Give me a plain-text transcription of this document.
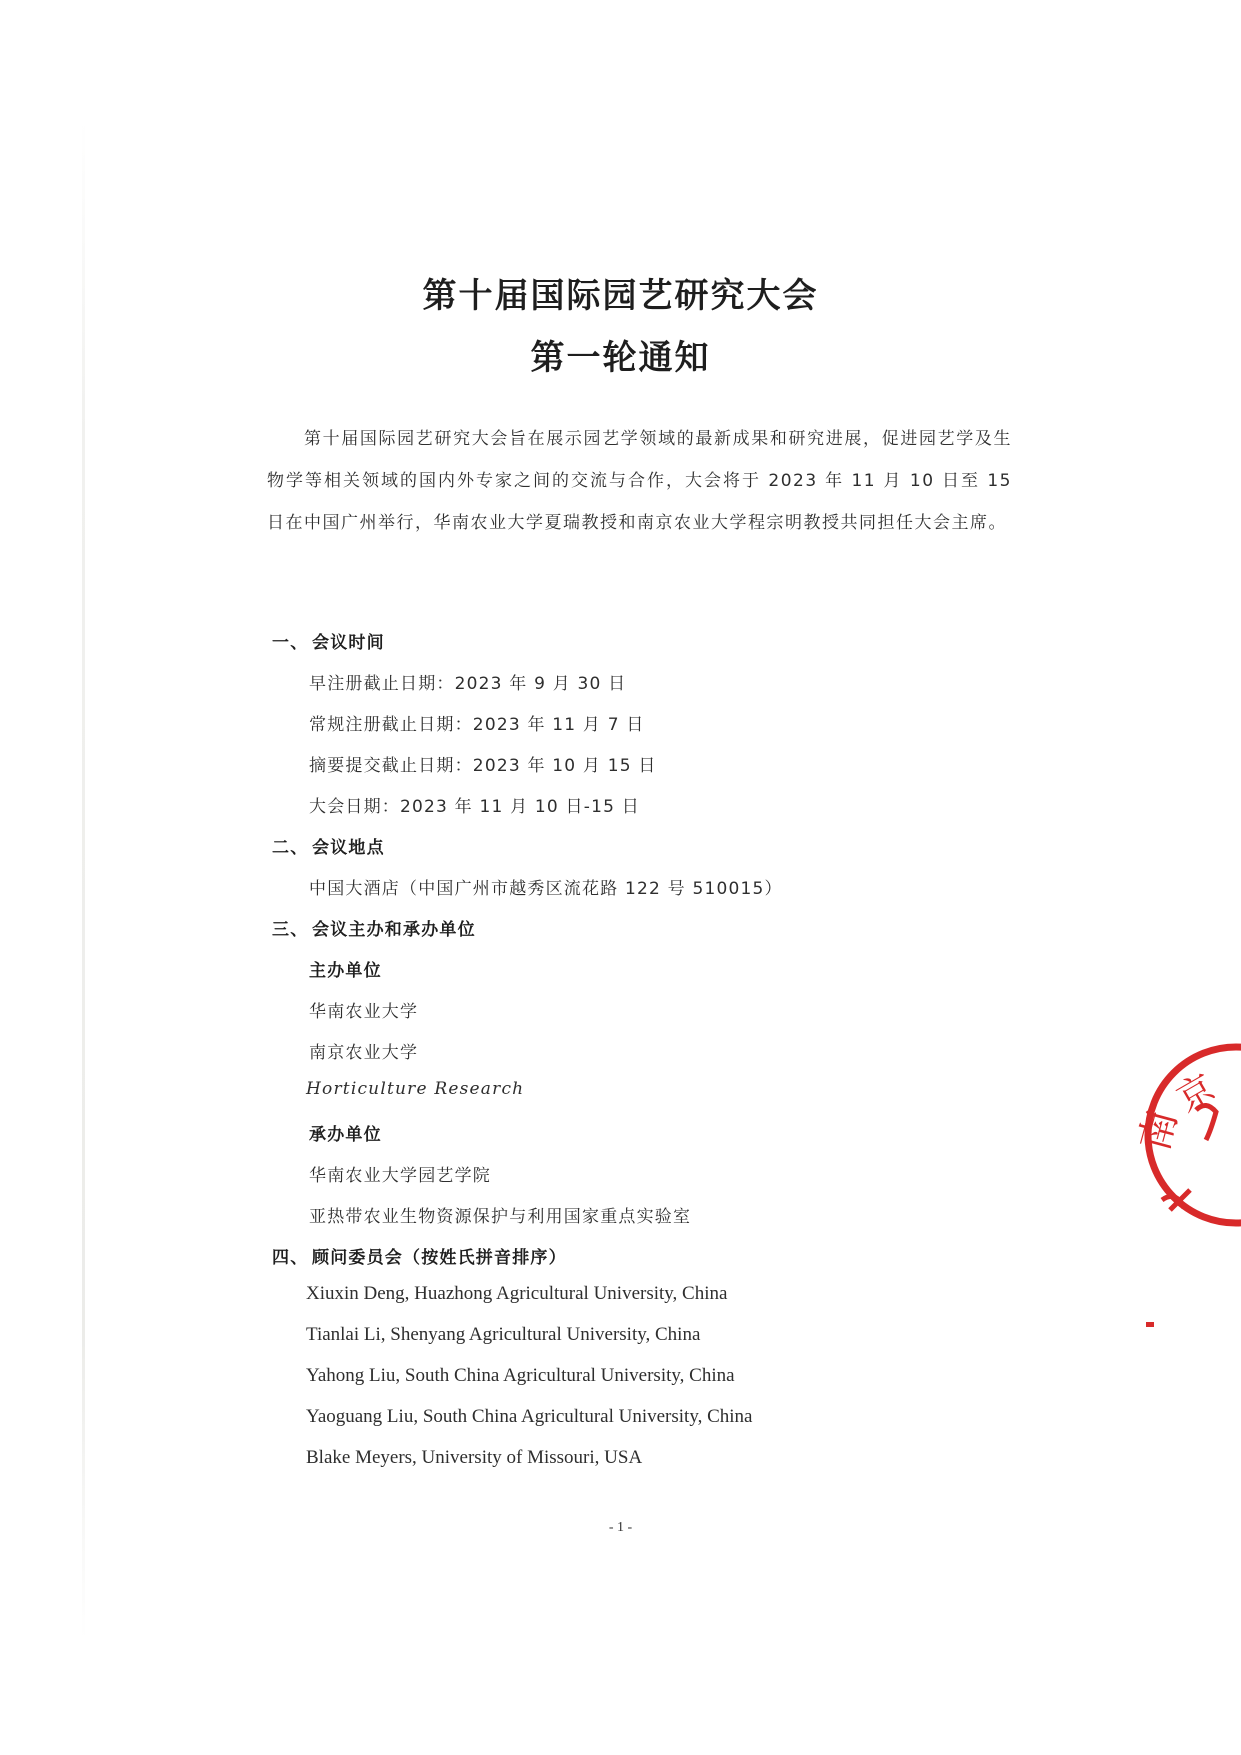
第十届国际园艺研究大会
第一轮通知
第十届国际园艺研究大会旨在展示园艺学领域的最新成果和研究进展，促进园艺学及生物学等相关领域的国内外专家之间的交流与合作，大会将于 2023 年 11 月 10 日至 15 日在中国广州举行，华南农业大学夏瑞教授和南京农业大学程宗明教授共同担任大会主席。
一、 会议时间
早注册截止日期：2023 年 9 月 30 日
常规注册截止日期：2023 年 11 月 7 日
摘要提交截止日期：2023 年 10 月 15 日
大会日期：2023 年 11 月 10 日-15 日
二、 会议地点
中国大酒店（中国广州市越秀区流花路 122 号 510015）
三、 会议主办和承办单位
主办单位
华南农业大学
南京农业大学
Horticulture Research
承办单位
华南农业大学园艺学院
亚热带农业生物资源保护与利用国家重点实验室
四、 顾问委员会（按姓氏拼音排序）
Xiuxin Deng, Huazhong Agricultural University, China
Tianlai Li, Shenyang Agricultural University, China
Yahong Liu, South China Agricultural University, China
Yaoguang Liu, South China Agricultural University, China
Blake Meyers, University of Missouri, USA
- 1 -
南
京
